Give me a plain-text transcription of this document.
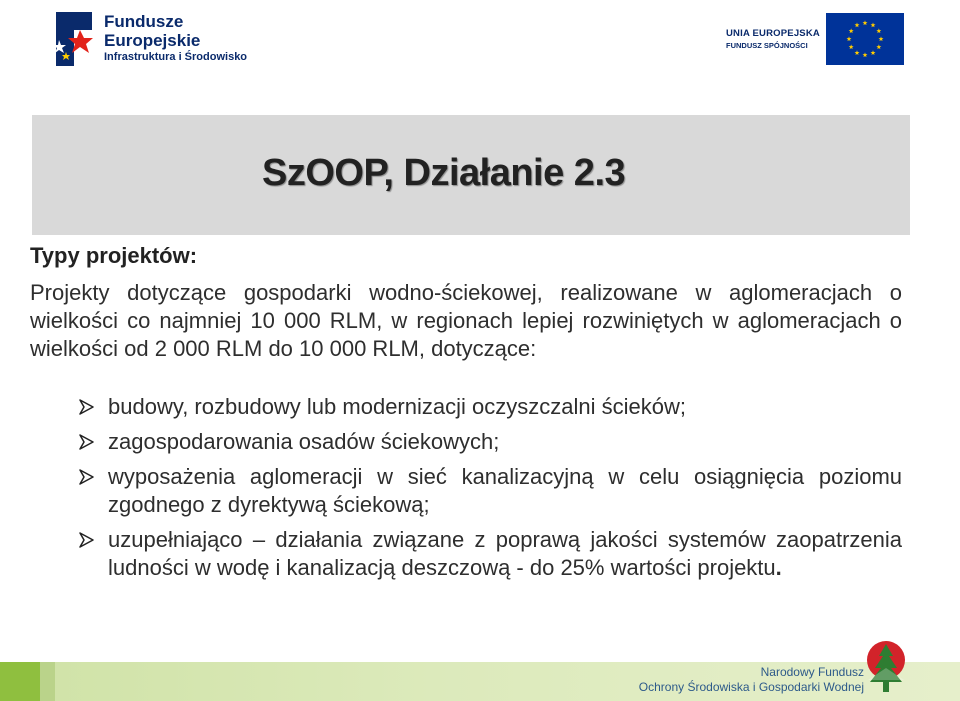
Fundusze
Europejskie
Infrastruktura i Środowisko
UNIA EUROPEJSKA
FUNDUSZ SPÓJNOŚCI
SzOOP, Działanie 2.3
Typy projektów:

Projekty dotyczące gospodarki wodno-ściekowej, realizowane w aglomeracjach o wielkości co najmniej 10 000 RLM, w regionach lepiej rozwiniętych w aglomeracjach o wielkości od 2 000 RLM do 10 000 RLM, dotyczące:

budowy, rozbudowy lub modernizacji oczyszczalni ścieków;
zagospodarowania osadów ściekowych;
wyposażenia aglomeracji w sieć kanalizacyjną w celu osiągnięcia poziomu zgodnego z dyrektywą ściekową;
uzupełniająco – działania związane z poprawą jakości systemów zaopatrzenia ludności w wodę i kanalizacją deszczową - do 25% wartości projektu.
Narodowy Fundusz
Ochrony Środowiska i Gospodarki Wodnej
